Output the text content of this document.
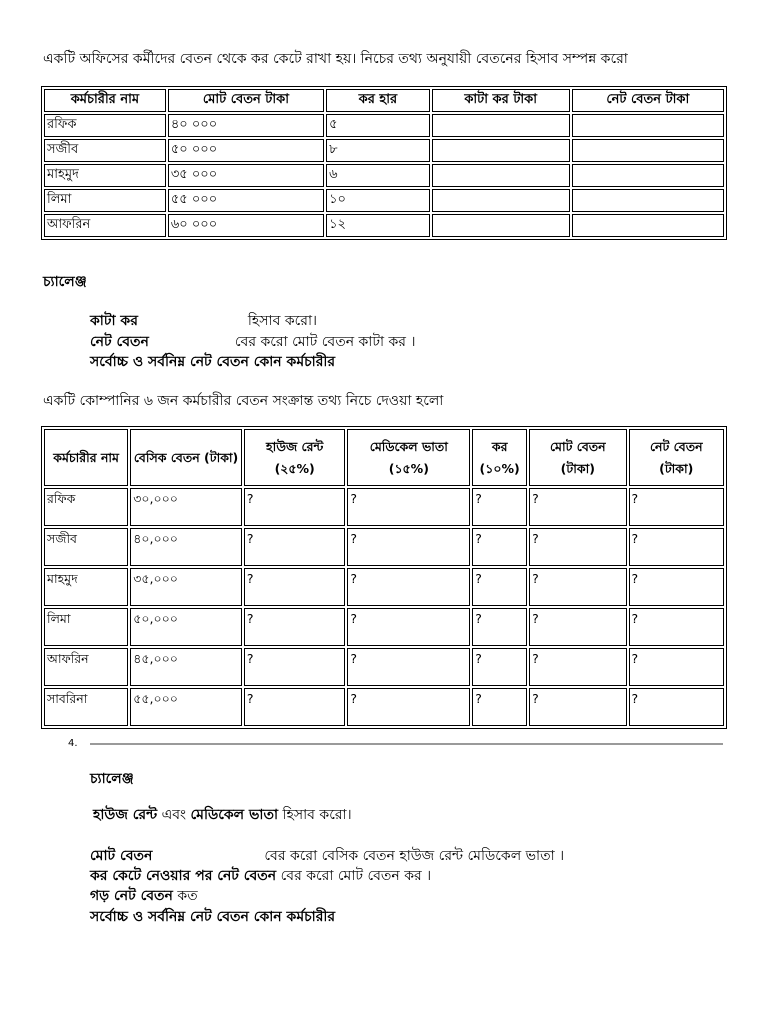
একটি অফিসের কর্মীদের বেতন থেকে কর কেটে রাখা হয়। নিচের তথ্য অনুযায়ী বেতনের হিসাব সম্পন্ন করো
কর্মচারীর নাম	মোট বেতন টাকা	কর হার	কাটা কর টাকা	নেট বেতন টাকা
রফিক	৪০ ০০০	৫		
সজীব	৫০ ০০০	৮		
মাহমুদ	৩৫ ০০০	৬		
লিমা	৫৫ ০০০	১০		
আফরিন	৬০ ০০০	১২		
চ্যালেঞ্জ
কাটা কর	হিসাব করো।
নেট বেতন	বের করো মোট বেতন কাটা কর ।
সর্বোচ্চ ও সর্বনিম্ন নেট বেতন কোন কর্মচারীর
একটি কোম্পানির ৬ জন কর্মচারীর বেতন সংক্রান্ত তথ্য নিচে দেওয়া হলো
কর্মচারীর নাম	বেসিক বেতন (টাকা)	হাউজ রেন্ট (২৫%)	মেডিকেল ভাতা (১৫%)	কর (১০%)	মোট বেতন (টাকা)	নেট বেতন (টাকা)
রফিক	৩০,০০০	?	?	?	?	?
সজীব	৪০,০০০	?	?	?	?	?
মাহমুদ	৩৫,০০০	?	?	?	?	?
লিমা	৫০,০০০	?	?	?	?	?
আফরিন	৪৫,০০০	?	?	?	?	?
সাবরিনা	৫৫,০০০	?	?	?	?	?
4.
চ্যালেঞ্জ
হাউজ রেন্ট এবং মেডিকেল ভাতা হিসাব করো।
মোট বেতন	বের করো বেসিক বেতন হাউজ রেন্ট মেডিকেল ভাতা ।
কর কেটে নেওয়ার পর নেট বেতন বের করো মোট বেতন কর ।
গড় নেট বেতন কত
সর্বোচ্চ ও সর্বনিম্ন নেট বেতন কোন কর্মচারীর
